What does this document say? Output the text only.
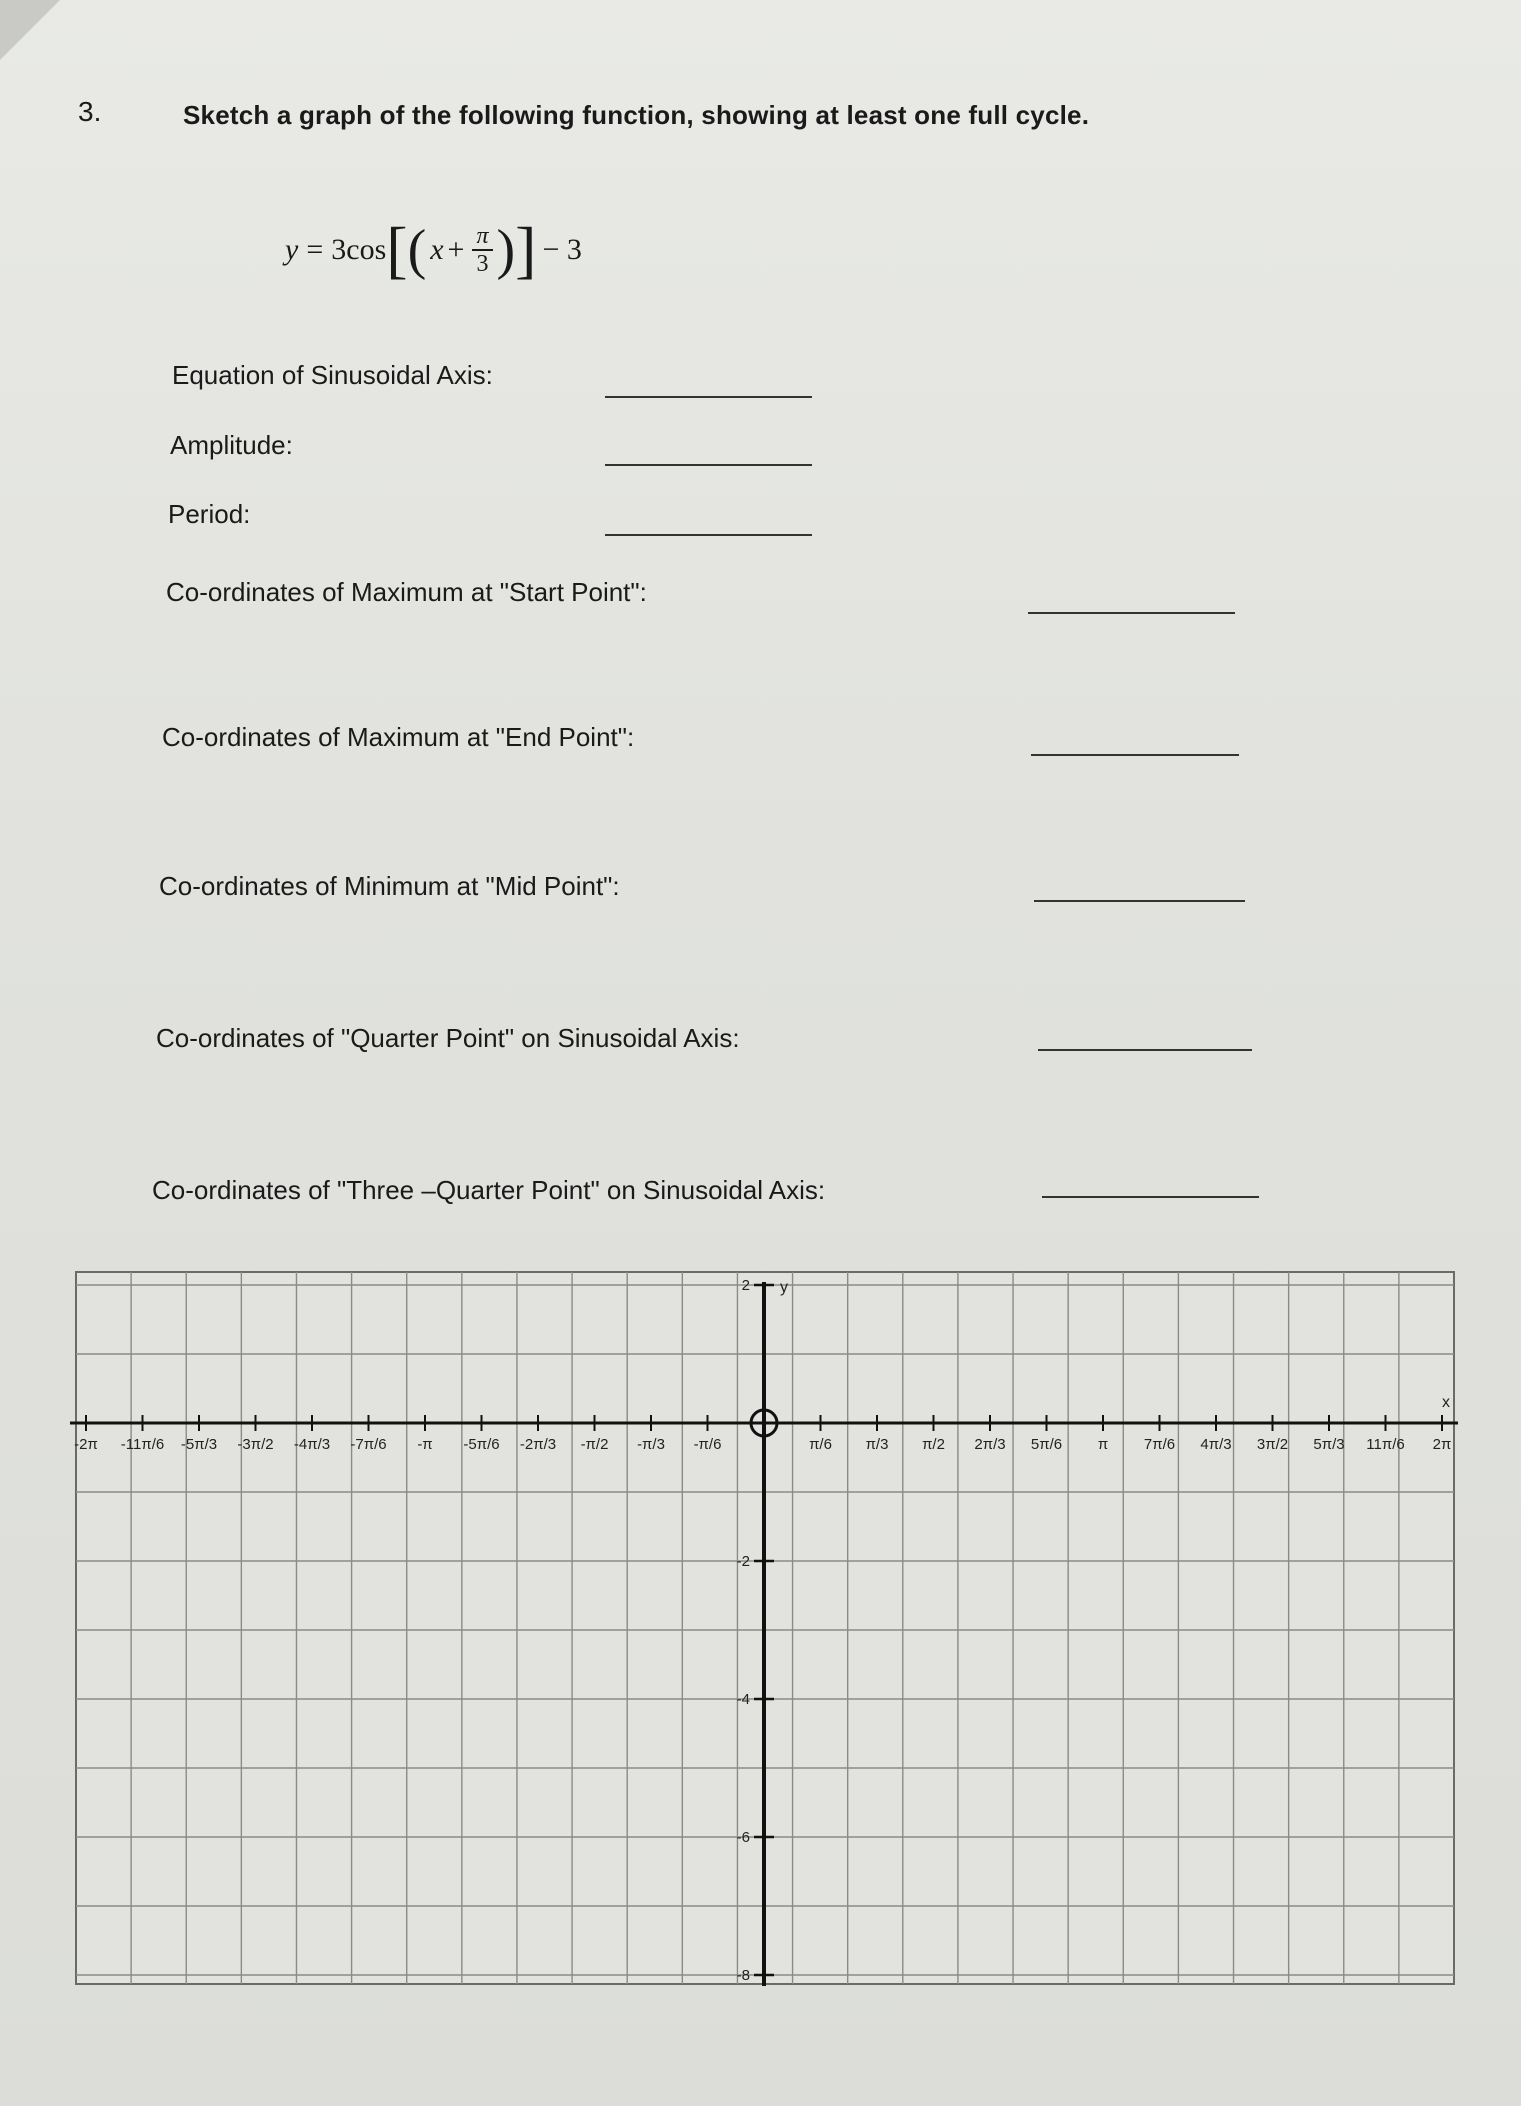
3.	Sketch a graph of the following function, showing at least one full cycle.
y = 3 cos [ ( $x + \frac{\pi}{3}$ ) ] − 3
Equation of Sinusoidal Axis:
Amplitude:
Period:
Co-ordinates of Maximum at "Start Point":
Co-ordinates of Maximum at "End Point":
Co-ordinates of Minimum at "Mid Point":
Co-ordinates of "Quarter Point" on Sinusoidal Axis:
Co-ordinates of "Three –Quarter Point" on Sinusoidal Axis:
-2π -11π/6 -5π/3 -3π/2 -4π/3 -7π/6 -π -5π/6 -2π/3 -π/2 -π/3 -π/6	π/6 π/3 π/2 2π/3 5π/6 π 7π/6 4π/3 3π/2 5π/3 11π/6 2π
2
-2
-4
-6
-8
y
x
